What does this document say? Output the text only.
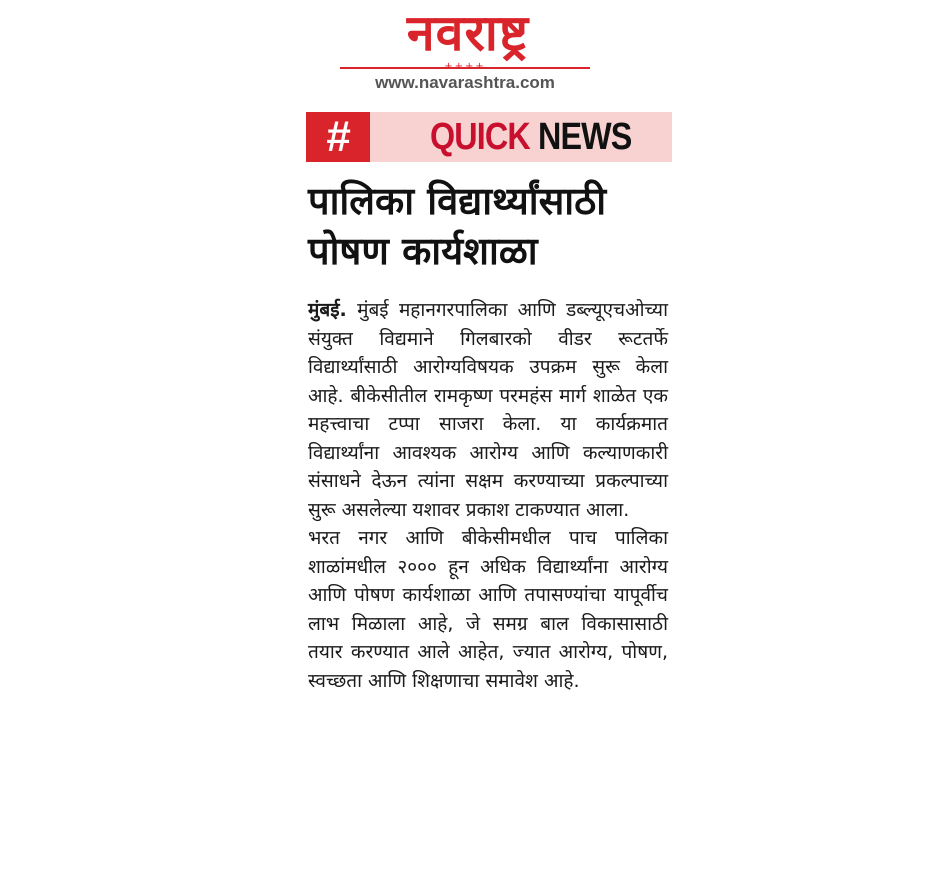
नवराष्ट्र
++++
www.navarashtra.com
#	QUICK NEWS
पालिका विद्यार्थ्यांसाठी
पोषण कार्यशाळा
मुंबई. मुंबई महानगरपालिका आणि डब्ल्यूएचओच्या संयुक्त विद्यमाने गिलबारको वीडर रूटतर्फे विद्यार्थ्यांसाठी आरोग्यविषयक उपक्रम सुरू केला आहे. बीकेसीतील रामकृष्ण परमहंस मार्ग शाळेत एक महत्त्वाचा टप्पा साजरा केला. या कार्यक्रमात विद्यार्थ्यांना आवश्यक आरोग्य आणि कल्याणकारी संसाधने देऊन त्यांना सक्षम करण्याच्या प्रकल्पाच्या सुरू असलेल्या यशावर प्रकाश टाकण्यात आला.
भरत नगर आणि बीकेसीमधील पाच पालिका शाळांमधील २००० हून अधिक विद्यार्थ्यांना आरोग्य आणि पोषण कार्यशाळा आणि तपासण्यांचा यापूर्वीच लाभ मिळाला आहे, जे समग्र बाल विकासासाठी तयार करण्यात आले आहेत, ज्यात आरोग्य, पोषण, स्वच्छता आणि शिक्षणाचा समावेश आहे.
